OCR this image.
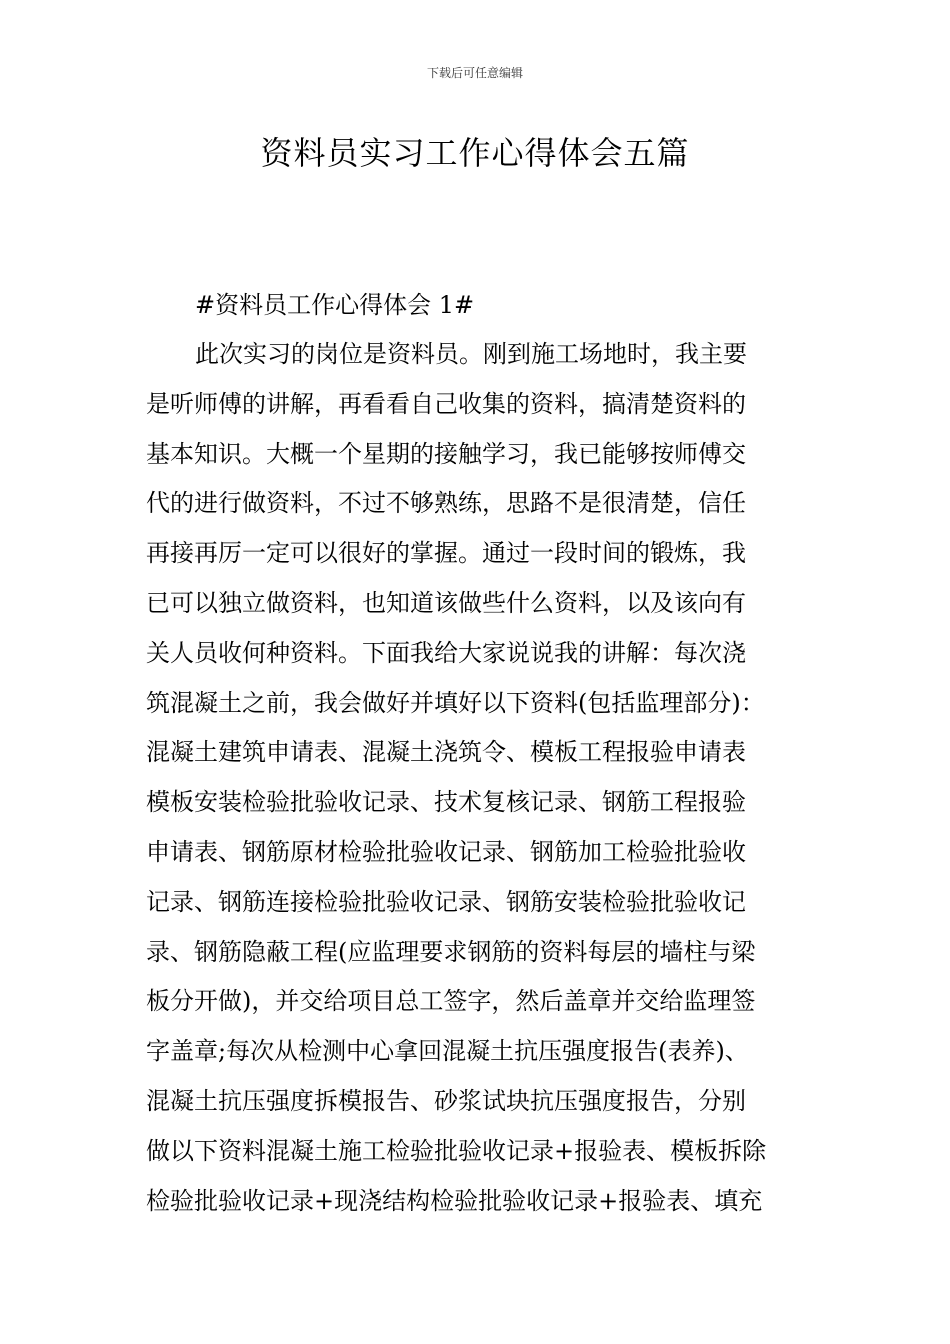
下载后可任意编辑
资料员实习工作心得体会五篇
#资料员工作心得体会 1#
此次实习的岗位是资料员。刚到施工场地时，我主要
是听师傅的讲解，再看看自己收集的资料，搞清楚资料的
基本知识。大概一个星期的接触学习，我已能够按师傅交
代的进行做资料，不过不够熟练，思路不是很清楚，信任
再接再厉一定可以很好的掌握。通过一段时间的锻炼，我
已可以独立做资料，也知道该做些什么资料，以及该向有
关人员收何种资料。下面我给大家说说我的讲解：每次浇
筑混凝土之前，我会做好并填好以下资料(包括监理部分)：
混凝土建筑申请表、混凝土浇筑令、模板工程报验申请表
模板安装检验批验收记录、技术复核记录、钢筋工程报验
申请表、钢筋原材检验批验收记录、钢筋加工检验批验收
记录、钢筋连接检验批验收记录、钢筋安装检验批验收记
录、钢筋隐蔽工程(应监理要求钢筋的资料每层的墙柱与梁
板分开做)，并交给项目总工签字，然后盖章并交给监理签
字盖章;每次从检测中心拿回混凝土抗压强度报告(表养)、
混凝土抗压强度拆模报告、砂浆试块抗压强度报告，分别
做以下资料混凝土施工检验批验收记录+报验表、模板拆除
检验批验收记录+现浇结构检验批验收记录+报验表、填充
